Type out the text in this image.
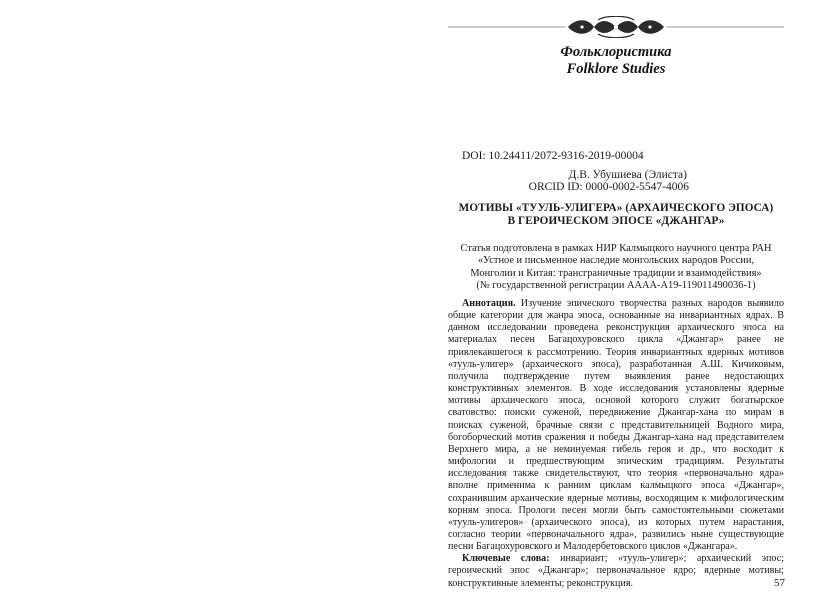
Фольклористика
Folklore Studies
DOI: 10.24411/2072-9316-2019-00004
Д.В. Убушиева (Элиста)
ORCID ID: 0000-0002-5547-4006
МОТИВЫ «ТУУЛЬ-УЛИГЕРА» (АРХАИЧЕСКОГО ЭПОСА)
В ГЕРОИЧЕСКОМ ЭПОСЕ «ДЖАНГАР»
Статья подготовлена в рамках НИР Калмыцкого научного центра РАН
«Устное и письменное наследие монгольских народов России,
Монголии и Китая: трансграничные традиции и взаимодействия»
(№ государственной регистрации АААА-А19-119011490036-1)

Аннотация. Изучение эпического творчества разных народов выявило общие категории для жанра эпоса, основанные на инвариантных ядрах. В данном исследовании проведена реконструкция архаического эпоса на материалах песен Багацохуровского цикла «Джангар» ранее не привлекавшегося к рассмотрению. Теория инвариантных ядерных мотивов «тууль-улигер» (архаического эпоса), разработанная А.Ш. Кичиковым, получила подтверждение путем выявления ранее недостающих конструктивных элементов. В ходе исследования установлены ядерные мотивы архаического эпоса, основой которого служит богатырское сватовство: поиски суженой, передвижение Джангар-хана по мирам в поисках суженой, брачные связи с представительницей Водного мира, богоборческий мотив сражения и победы Джангар-хана над представителем Верхнего мира, а не неминуемая гибель героя и др., что восходит к мифологии и предшествующим эпическим традициям. Результаты исследования также свидетельствуют, что теория «первоначально ядра» вполне применима к ранним циклам калмыцкого эпоса «Джангар», сохранившим архаические ядерные мотивы, восходящим к мифологическим корням эпоса. Прологи песен могли быть самостоятельными сюжетами «тууль-улигеров» (архаического эпоса), из которых путем нарастания, согласно теории «первоначального ядра», развились ныне существующие песни Багацохуровского и Малодербетовского циклов «Джангара».

Ключевые слова: инвариант; «тууль-улигер»; архаический эпос; героический эпос «Джангар»; первоначальное ядро; ядерные мотивы; конструктивные элементы; реконструкция.	57
